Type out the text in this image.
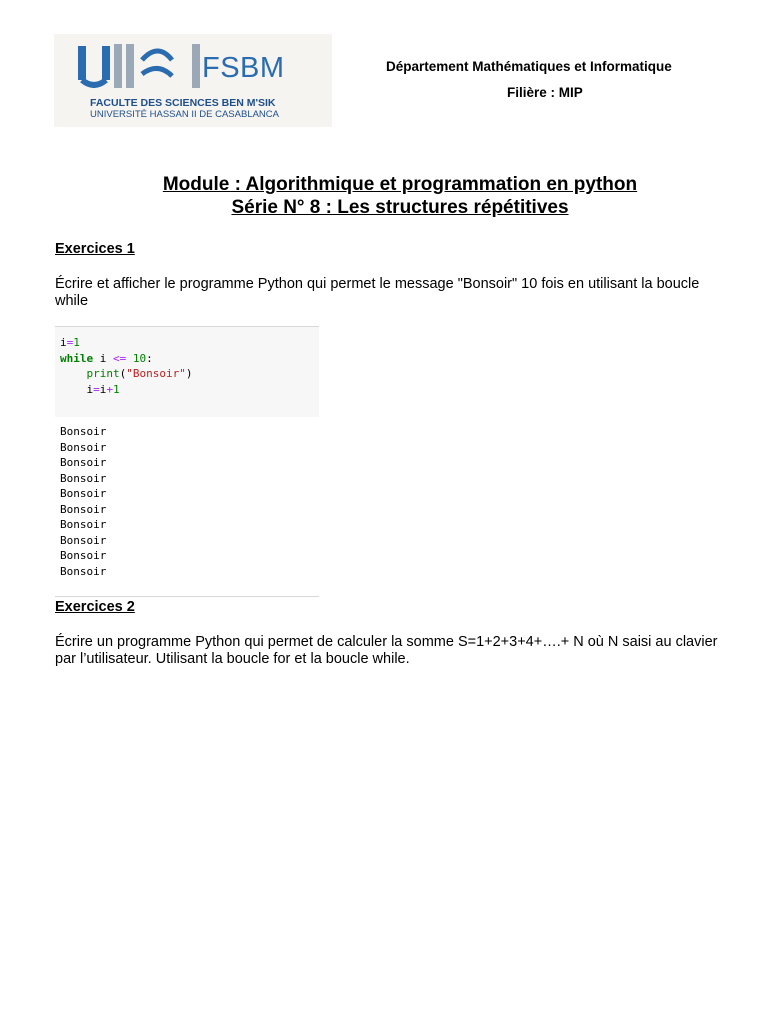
FSBM
FACULTE DES SCIENCES BEN M'SIK
UNIVERSITÉ HASSAN II DE CASABLANCA
Département Mathématiques et Informatique
Filière : MIP
Module : Algorithmique et programmation en python
Série N° 8 : Les structures répétitives
Exercices 1
Écrire et afficher le programme Python qui permet le message "Bonsoir" 10 fois en utilisant la boucle while
i=1
while i <= 10:
print("Bonsoir")
i=i+1
Bonsoir
Bonsoir
Bonsoir
Bonsoir
Bonsoir
Bonsoir
Bonsoir
Bonsoir
Bonsoir
Bonsoir
Exercices 2
Écrire un programme Python qui permet de calculer la somme S=1+2+3+4+….+ N où N saisi au clavier par l’utilisateur. Utilisant la boucle for et la boucle while.
